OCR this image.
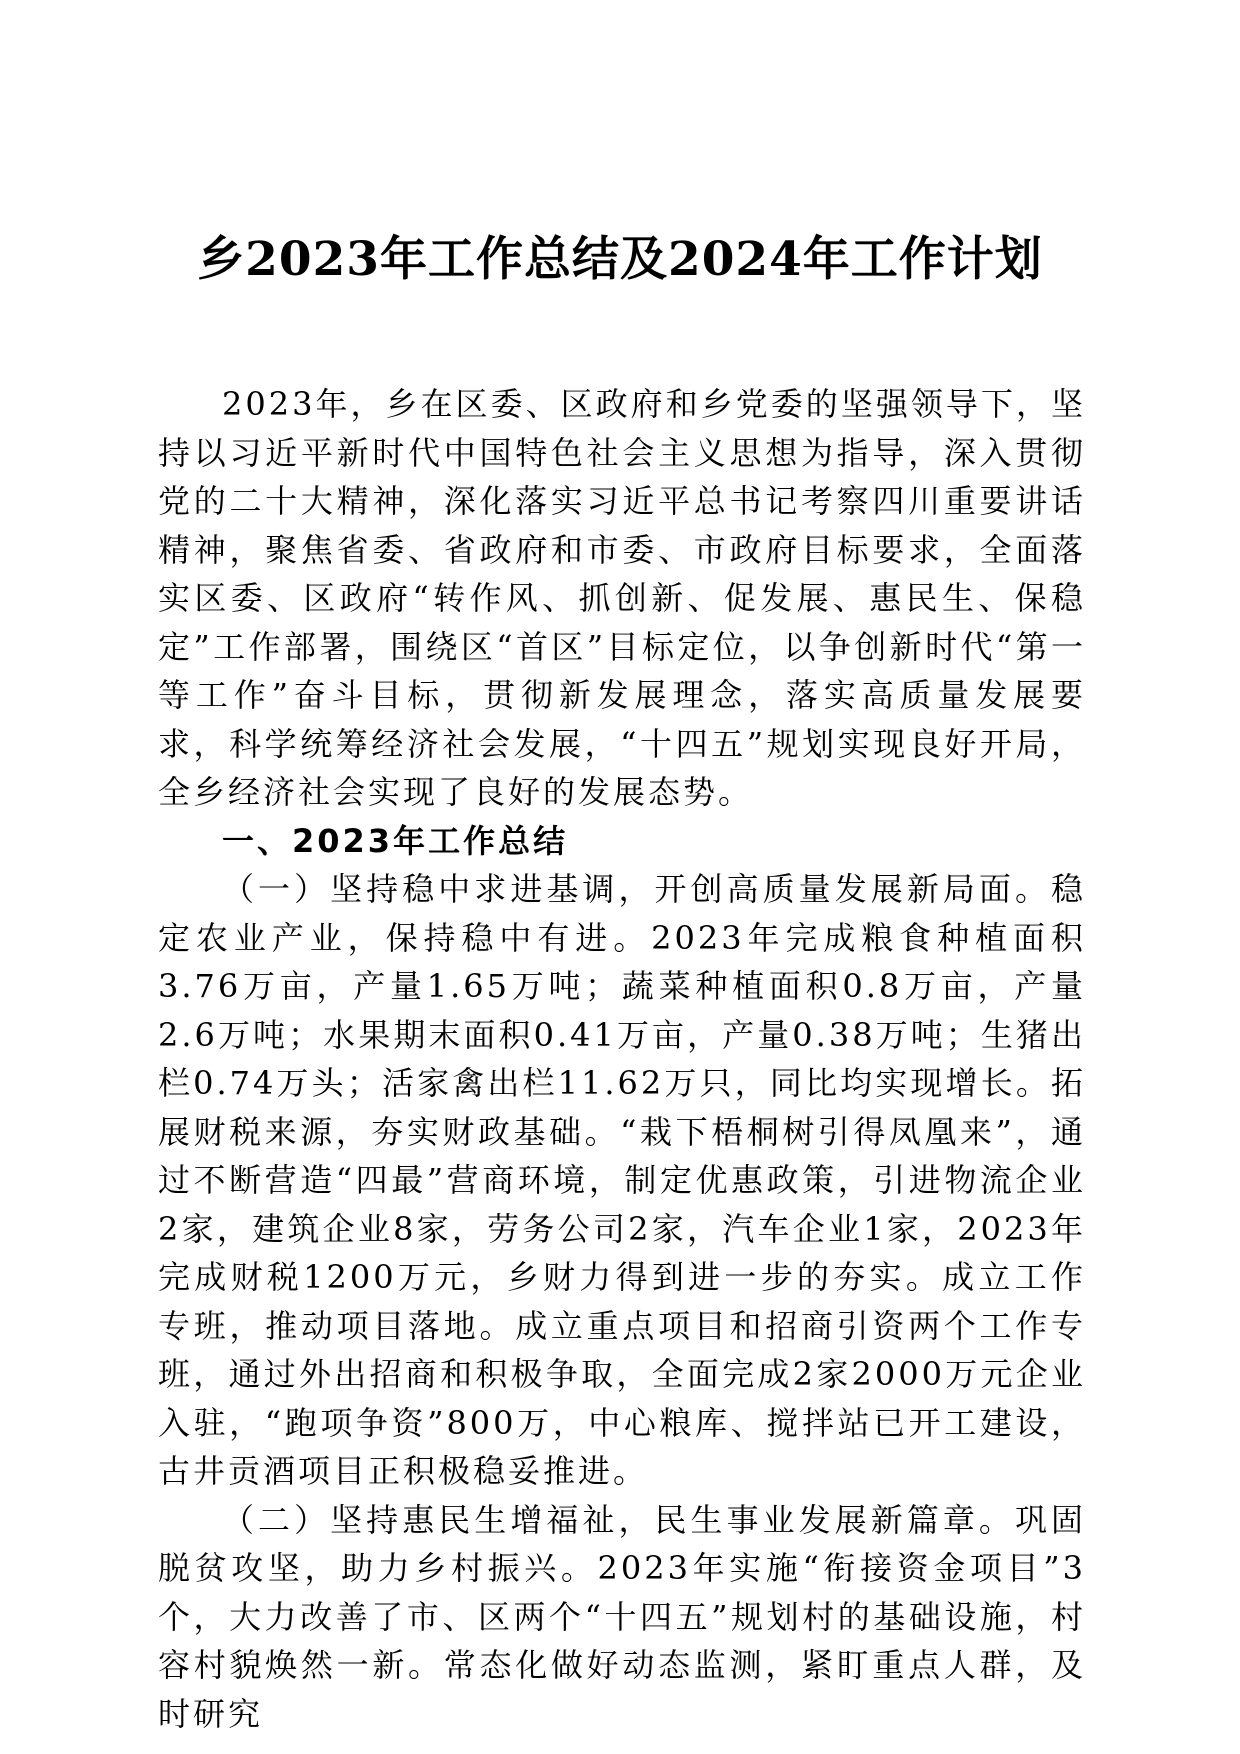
乡2023年工作总结及2024年工作计划

2023年，乡在区委、区政府和乡党委的坚强领导下，坚持以习近平新时代中国特色社会主义思想为指导，深入贯彻党的二十大精神，深化落实习近平总书记考察四川重要讲话精神，聚焦省委、省政府和市委、市政府目标要求，全面落实区委、区政府“转作风、抓创新、促发展、惠民生、保稳定”工作部署，围绕区“首区”目标定位，以争创新时代“第一等工作”奋斗目标，贯彻新发展理念，落实高质量发展要求，科学统筹经济社会发展，“十四五”规划实现良好开局，全乡经济社会实现了良好的发展态势。

一、2023年工作总结

（一）坚持稳中求进基调，开创高质量发展新局面。稳定农业产业，保持稳中有进。2023年完成粮食种植面积3.76万亩，产量1.65万吨；蔬菜种植面积0.8万亩，产量2.6万吨；水果期末面积0.41万亩，产量0.38万吨；生猪出栏0.74万头；活家禽出栏11.62万只，同比均实现增长。拓展财税来源，夯实财政基础。“栽下梧桐树引得凤凰来”，通过不断营造“四最”营商环境，制定优惠政策，引进物流企业2家，建筑企业8家，劳务公司2家，汽车企业1家，2023年完成财税1200万元，乡财力得到进一步的夯实。成立工作专班，推动项目落地。成立重点项目和招商引资两个工作专班，通过外出招商和积极争取，全面完成2家2000万元企业入驻，“跑项争资”800万，中心粮库、搅拌站已开工建设，古井贡酒项目正积极稳妥推进。

（二）坚持惠民生增福祉，民生事业发展新篇章。巩固脱贫攻坚，助力乡村振兴。2023年实施“衔接资金项目”3个，大力改善了市、区两个“十四五”规划村的基础设施，村容村貌焕然一新。常态化做好动态监测，紧盯重点人群，及时研究
